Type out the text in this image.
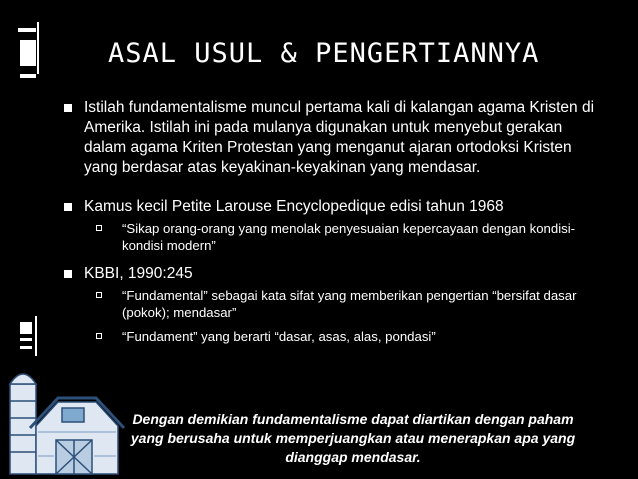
ASAL USUL & PENGERTIANNYA
Istilah fundamentalisme muncul pertama kali di kalangan agama Kristen di Amerika. Istilah ini pada mulanya digunakan untuk menyebut gerakan dalam agama Kriten Protestan yang menganut ajaran ortodoksi Kristen yang berdasar atas keyakinan-keyakinan yang mendasar.
Kamus kecil Petite Larouse Encyclopedique edisi tahun 1968
“Sikap orang-orang yang menolak penyesuaian kepercayaan dengan kondisi-kondisi modern”
KBBI, 1990:245
“Fundamental” sebagai kata sifat yang memberikan pengertian “bersifat dasar (pokok); mendasar”
“Fundament” yang berarti “dasar, asas, alas, pondasi”
Dengan demikian fundamentalisme dapat diartikan dengan paham yang berusaha untuk memperjuangkan atau menerapkan apa yang dianggap mendasar.
